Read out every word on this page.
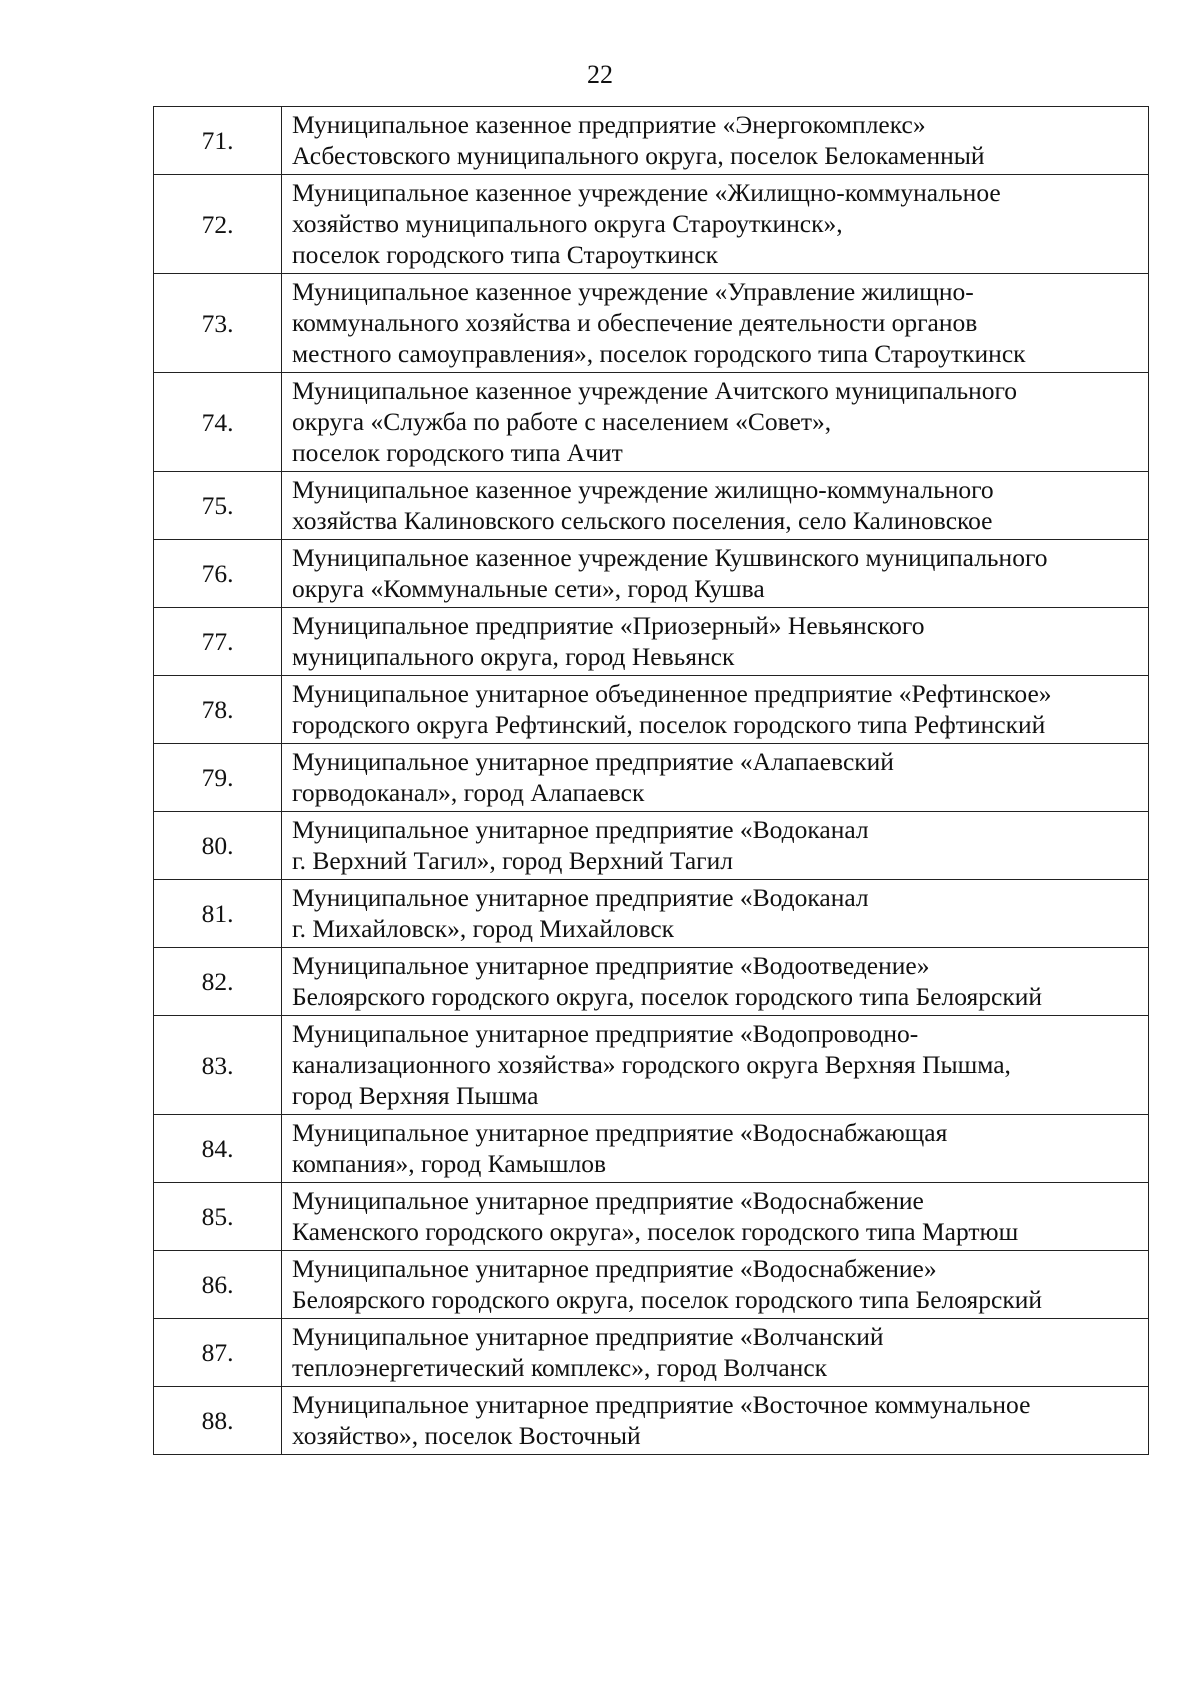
22
71.	Муниципальное казенное предприятие «Энергокомплекс»
Асбестовского муниципального округа, поселок Белокаменный
72.	Муниципальное казенное учреждение «Жилищно-коммунальное
хозяйство муниципального округа Староуткинск»,
поселок городского типа Староуткинск
73.	Муниципальное казенное учреждение «Управление жилищно-
коммунального хозяйства и обеспечение деятельности органов
местного самоуправления», поселок городского типа Староуткинск
74.	Муниципальное казенное учреждение Ачитского муниципального
округа «Служба по работе с населением «Совет»,
поселок городского типа Ачит
75.	Муниципальное казенное учреждение жилищно-коммунального
хозяйства Калиновского сельского поселения, село Калиновское
76.	Муниципальное казенное учреждение Кушвинского муниципального
округа «Коммунальные сети», город Кушва
77.	Муниципальное предприятие «Приозерный» Невьянского
муниципального округа, город Невьянск
78.	Муниципальное унитарное объединенное предприятие «Рефтинское»
городского округа Рефтинский, поселок городского типа Рефтинский
79.	Муниципальное унитарное предприятие «Алапаевский
горводоканал», город Алапаевск
80.	Муниципальное унитарное предприятие «Водоканал
г. Верхний Тагил», город Верхний Тагил
81.	Муниципальное унитарное предприятие «Водоканал
г. Михайловск», город Михайловск
82.	Муниципальное унитарное предприятие «Водоотведение»
Белоярского городского округа, поселок городского типа Белоярский
83.	Муниципальное унитарное предприятие «Водопроводно-
канализационного хозяйства» городского округа Верхняя Пышма,
город Верхняя Пышма
84.	Муниципальное унитарное предприятие «Водоснабжающая
компания», город Камышлов
85.	Муниципальное унитарное предприятие «Водоснабжение
Каменского городского округа», поселок городского типа Мартюш
86.	Муниципальное унитарное предприятие «Водоснабжение»
Белоярского городского округа, поселок городского типа Белоярский
87.	Муниципальное унитарное предприятие «Волчанский
теплоэнергетический комплекс», город Волчанск
88.	Муниципальное унитарное предприятие «Восточное коммунальное
хозяйство», поселок Восточный
